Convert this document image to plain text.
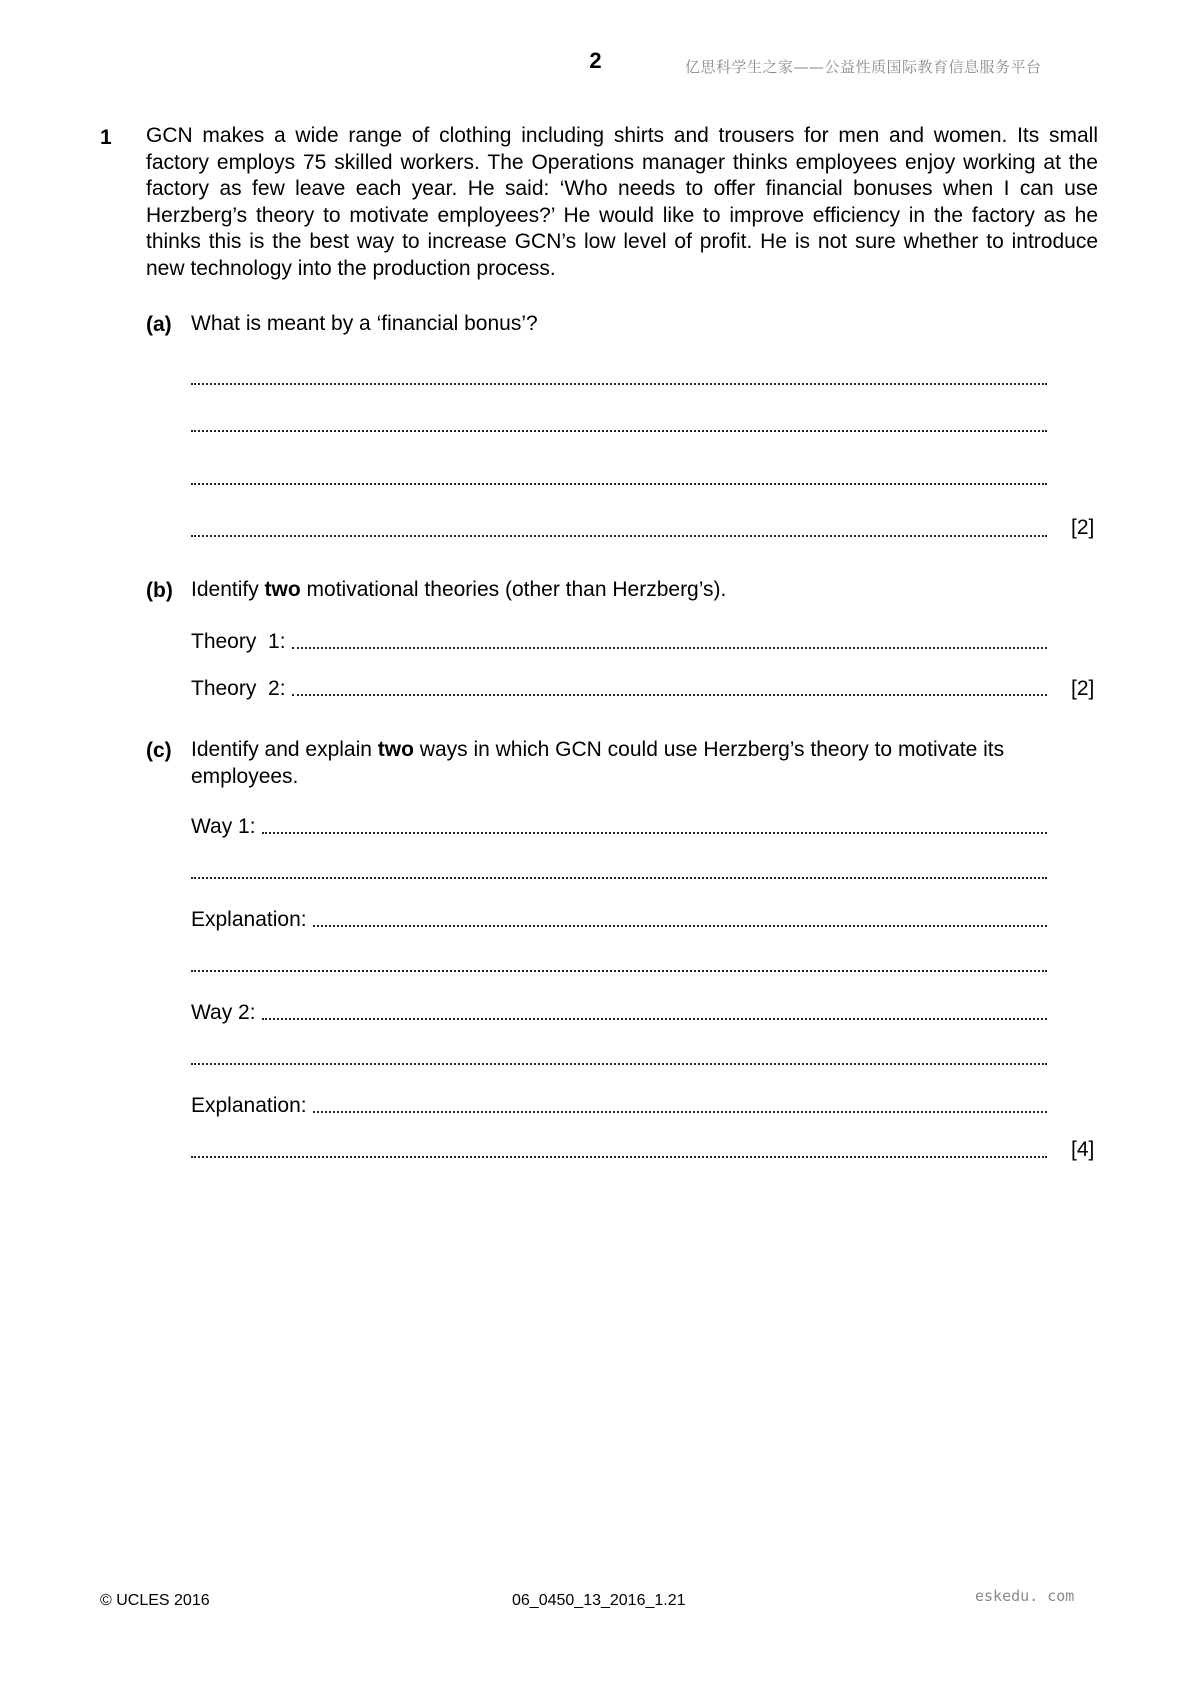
2	亿思科学生之家——公益性质国际教育信息服务平台
1 GCN makes a wide range of clothing including shirts and trousers for men and women. Its small factory employs 75 skilled workers. The Operations manager thinks employees enjoy working at the factory as few leave each year. He said: ‘Who needs to offer financial bonuses when I can use Herzberg’s theory to motivate employees?’ He would like to improve efficiency in the factory as he thinks this is the best way to increase GCN’s low level of profit. He is not sure whether to introduce new technology into the production process.
(a) What is meant by a ‘financial bonus’?
[2]
(b) Identify two motivational theories (other than Herzberg’s).
Theory  1:
Theory  2:	[2]
(c) Identify and explain two ways in which GCN could use Herzberg’s theory to motivate its employees.
Way 1:
Explanation:
Way 2:
Explanation:
[4]
© UCLES 2016	06_0450_13_2016_1.21	eskedu. com
